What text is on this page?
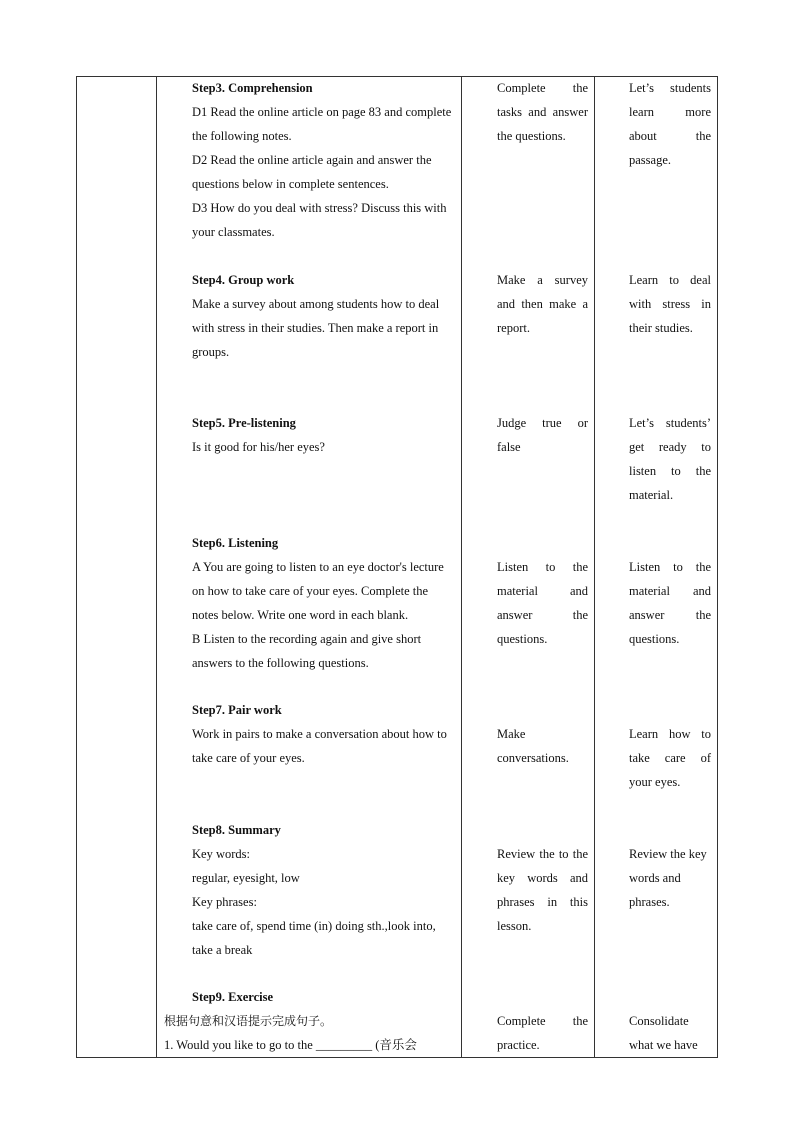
Step3. Comprehension

D1 Read the online article on page 83 and complete the following notes.

D2 Read the online article again and answer the questions below in complete sentences.

D3 How do you deal with stress? Discuss this with your classmates.

Complete the tasks and answer the questions.

Let’s students learn more about the passage.

Step4. Group work

Make a survey about among students how to deal with stress in their studies. Then make a report in groups.

Make a survey and then make a report.

Learn to deal with stress in their studies.

Step5. Pre-listening

Is it good for his/her eyes?

Judge true or false

Let’s students’ get ready to listen to the material.

Step6. Listening

A You are going to listen to an eye doctor's lecture on how to take care of your eyes. Complete the notes below. Write one word in each blank.

B Listen to the recording again and give short answers to the following questions.

Listen to the material and answer the questions.

Listen to the material and answer the questions.

Step7. Pair work

Work in pairs to make a conversation about how to take care of your eyes.

Make conversations.

Learn how to take care of your eyes.

Step8. Summary

Key words:

regular, eyesight, low

Key phrases:

take care of, spend time (in) doing sth.,look into, take a break

Review the to the key words and phrases in this lesson.

Review the key words and phrases.

Step9. Exercise

根据句意和汉语提示完成句子。

1. Would you like to go to the _________ (音乐会

Complete the practice.

Consolidate what we have
